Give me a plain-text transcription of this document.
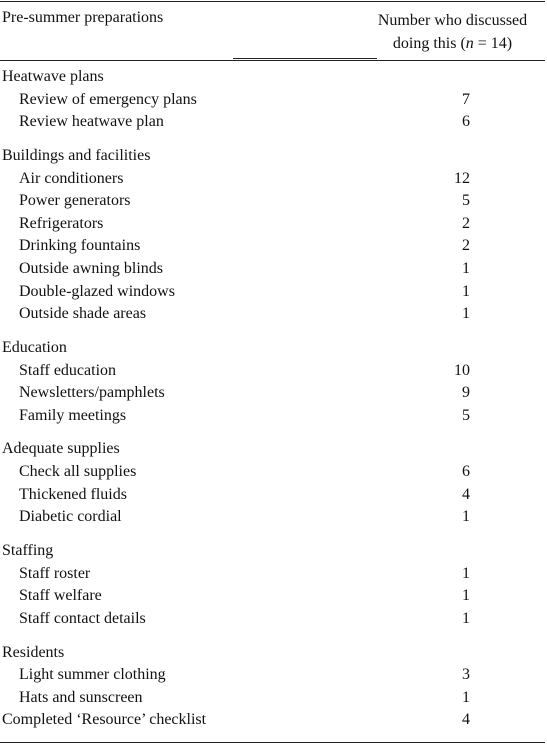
Pre-summer preparations	Number who discussed
doing this (n = 14)
Heatwave plans
Review of emergency plans	7
Review heatwave plan	6
Buildings and facilities
Air conditioners	12
Power generators	5
Refrigerators	2
Drinking fountains	2
Outside awning blinds	1
Double-glazed windows	1
Outside shade areas	1
Education
Staff education	10
Newsletters/pamphlets	9
Family meetings	5
Adequate supplies
Check all supplies	6
Thickened fluids	4
Diabetic cordial	1
Staffing
Staff roster	1
Staff welfare	1
Staff contact details	1
Residents
Light summer clothing	3
Hats and sunscreen	1
Completed ‘Resource’ checklist	4
